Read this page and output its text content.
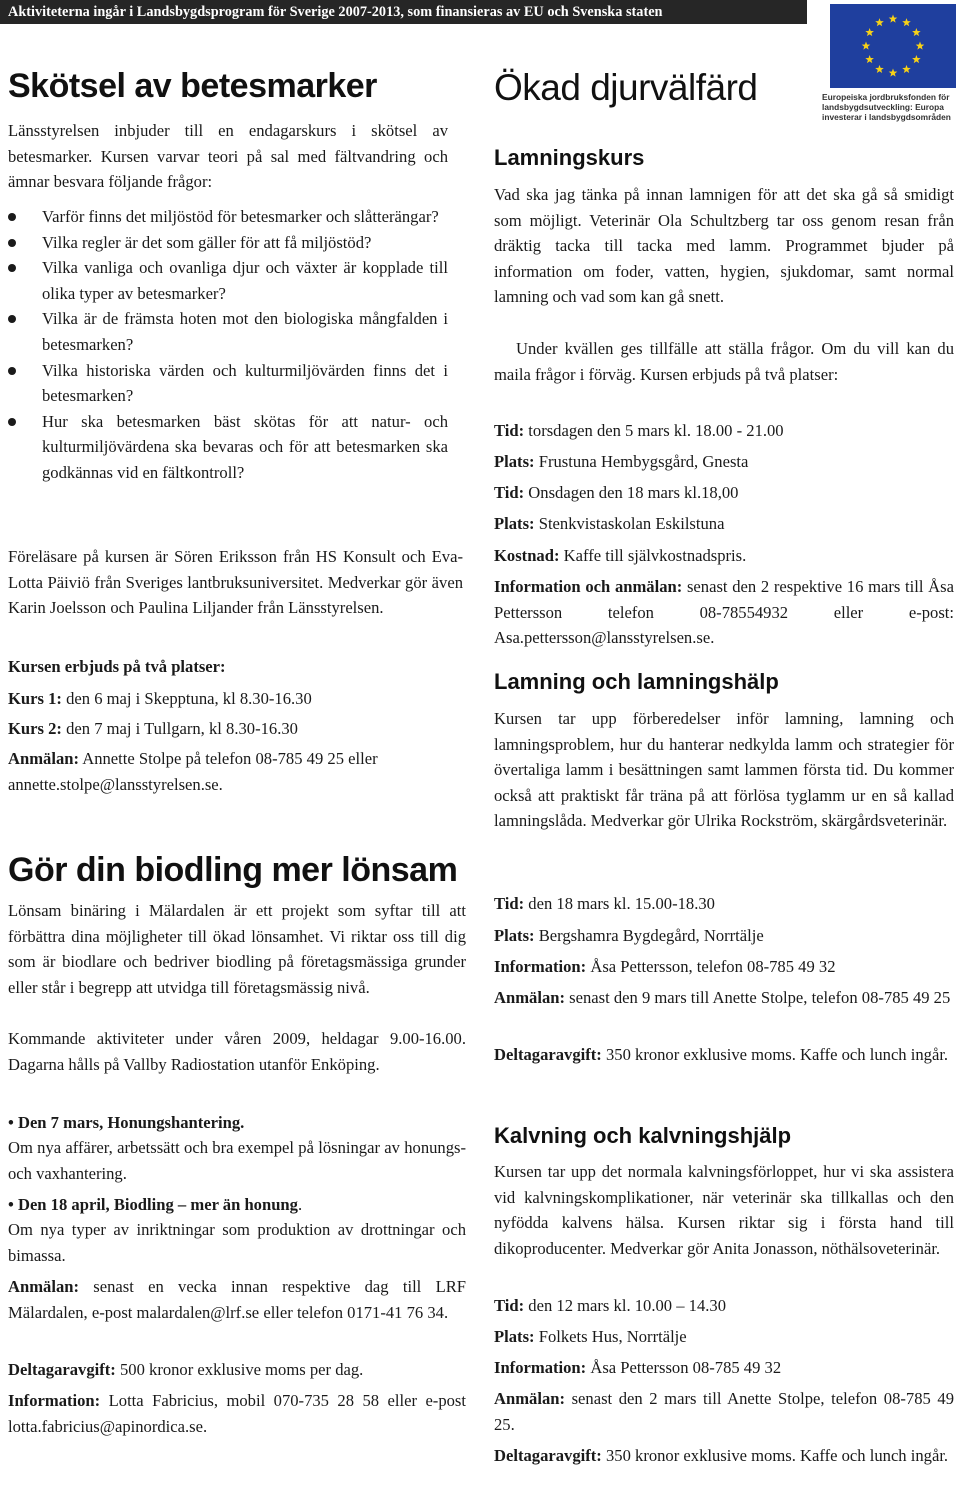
Aktiviteterna ingår i Landsbygdsprogram för Sverige 2007-2013, som finansieras av EU och Svenska staten
Europeiska jordbruksfonden för
landsbygdsutveckling: Europa
investerar i landsbygdsområden
Skötsel av betesmarker
Länsstyrelsen inbjuder till en endagarskurs i skötsel av betesmarker. Kursen varvar teori på sal med fältvandring och ämnar besvara följande frågor:
Varför finns det miljöstöd för betesmarker och slåtterängar?
Vilka regler är det som gäller för att få miljöstöd?
Vilka vanliga och ovanliga djur och växter är kopplade till olika typer av betesmarker?
Vilka är de främsta hoten mot den biologiska mångfalden i betesmarken?
Vilka historiska värden och kulturmiljövärden finns det i betesmarken?
Hur ska betesmarken bäst skötas för att natur- och kulturmiljövärdena ska bevaras och för att betesmarken ska godkännas vid en fältkontroll?
Föreläsare på kursen är Sören Eriksson från HS Konsult och Eva-Lotta Päiviö från Sveriges lantbruksuniversitet. Medverkar gör även Karin Joelsson och Paulina Liljander från Länsstyrelsen.
Kursen erbjuds på två platser:
Kurs 1: den 6 maj i Skepptuna, kl 8.30-16.30
Kurs 2: den 7 maj i Tullgarn, kl 8.30-16.30
Anmälan: Annette Stolpe på telefon 08-785 49 25 eller annette.stolpe@lansstyrelsen.se.
Gör din biodling mer lönsam
Lönsam binäring i Mälardalen är ett projekt som syftar till att förbättra dina möjligheter till ökad lönsamhet. Vi riktar oss till dig som är biodlare och bedriver biodling på företagsmässiga grunder eller står i begrepp att utvidga till företagsmässig nivå.
Kommande aktiviteter under våren 2009, heldagar 9.00-16.00. Dagarna hålls på Vallby Radiostation utanför Enköping.
• Den 7 mars, Honungshantering.
Om nya affärer, arbetssätt och bra exempel på lösningar av honungs- och vaxhantering.
• Den 18 april, Biodling – mer än honung.
Om nya typer av inriktningar som produktion av drottningar och bimassa.
Anmälan: senast en vecka innan respektive dag till LRF Mälardalen, e-post malardalen@lrf.se eller telefon 0171-41 76 34.
Deltagaravgift: 500 kronor exklusive moms per dag.
Information: Lotta Fabricius, mobil 070-735 28 58 eller e-post lotta.fabricius@apinordica.se.
Ökad djurvälfärd
Lamningskurs
Vad ska jag tänka på innan lamnigen för att det ska gå så smidigt som möjligt. Veterinär Ola Schultzberg tar oss genom resan från dräktig tacka till tacka med lamm. Programmet bjuder på information om foder, vatten, hygien, sjukdomar, samt normal lamning och vad som kan gå snett.
Under kvällen ges tillfälle att ställa frågor. Om du vill kan du maila frågor i förväg. Kursen erbjuds på två platser:
Tid: torsdagen den 5 mars kl. 18.00 - 21.00
Plats: Frustuna Hembygsgård, Gnesta
Tid: Onsdagen den 18 mars kl.18,00
Plats: Stenkvistaskolan Eskilstuna
Kostnad: Kaffe till självkostnadspris.
Information och anmälan: senast den 2 respektive 16 mars till Åsa Pettersson telefon 08-78554932 eller e-post: Asa.pettersson@lansstyrelsen.se.
Lamning och lamningshälp
Kursen tar upp förberedelser inför lamning, lamning och lamningsproblem, hur du hanterar nedkylda lamm och strategier för övertaliga lamm i besättningen samt lammen första tid. Du kommer också att praktiskt får träna på att förlösa tyglamm ur en så kallad lamningslåda. Medverkar gör Ulrika Rockström, skärgårdsveterinär.
Tid: den 18 mars kl. 15.00-18.30
Plats: Bergshamra Bygdegård, Norrtälje
Information: Åsa Pettersson, telefon 08-785 49 32
Anmälan: senast den 9 mars till Anette Stolpe, telefon 08-785 49 25
Deltagaravgift: 350 kronor exklusive moms. Kaffe och lunch ingår.
Kalvning och kalvningshjälp
Kursen tar upp det normala kalvningsförloppet, hur vi ska assistera vid kalvningskomplikationer, när veterinär ska tillkallas och den nyfödda kalvens hälsa. Kursen riktar sig i första hand till dikoproducenter. Medverkar gör Anita Jonasson, nöthälsoveterinär.
Tid: den 12 mars kl. 10.00 – 14.30
Plats: Folkets Hus, Norrtälje
Information: Åsa Pettersson 08-785 49 32
Anmälan: senast den 2 mars till Anette Stolpe, telefon 08-785 49 25.
Deltagaravgift: 350 kronor exklusive moms. Kaffe och lunch ingår.
